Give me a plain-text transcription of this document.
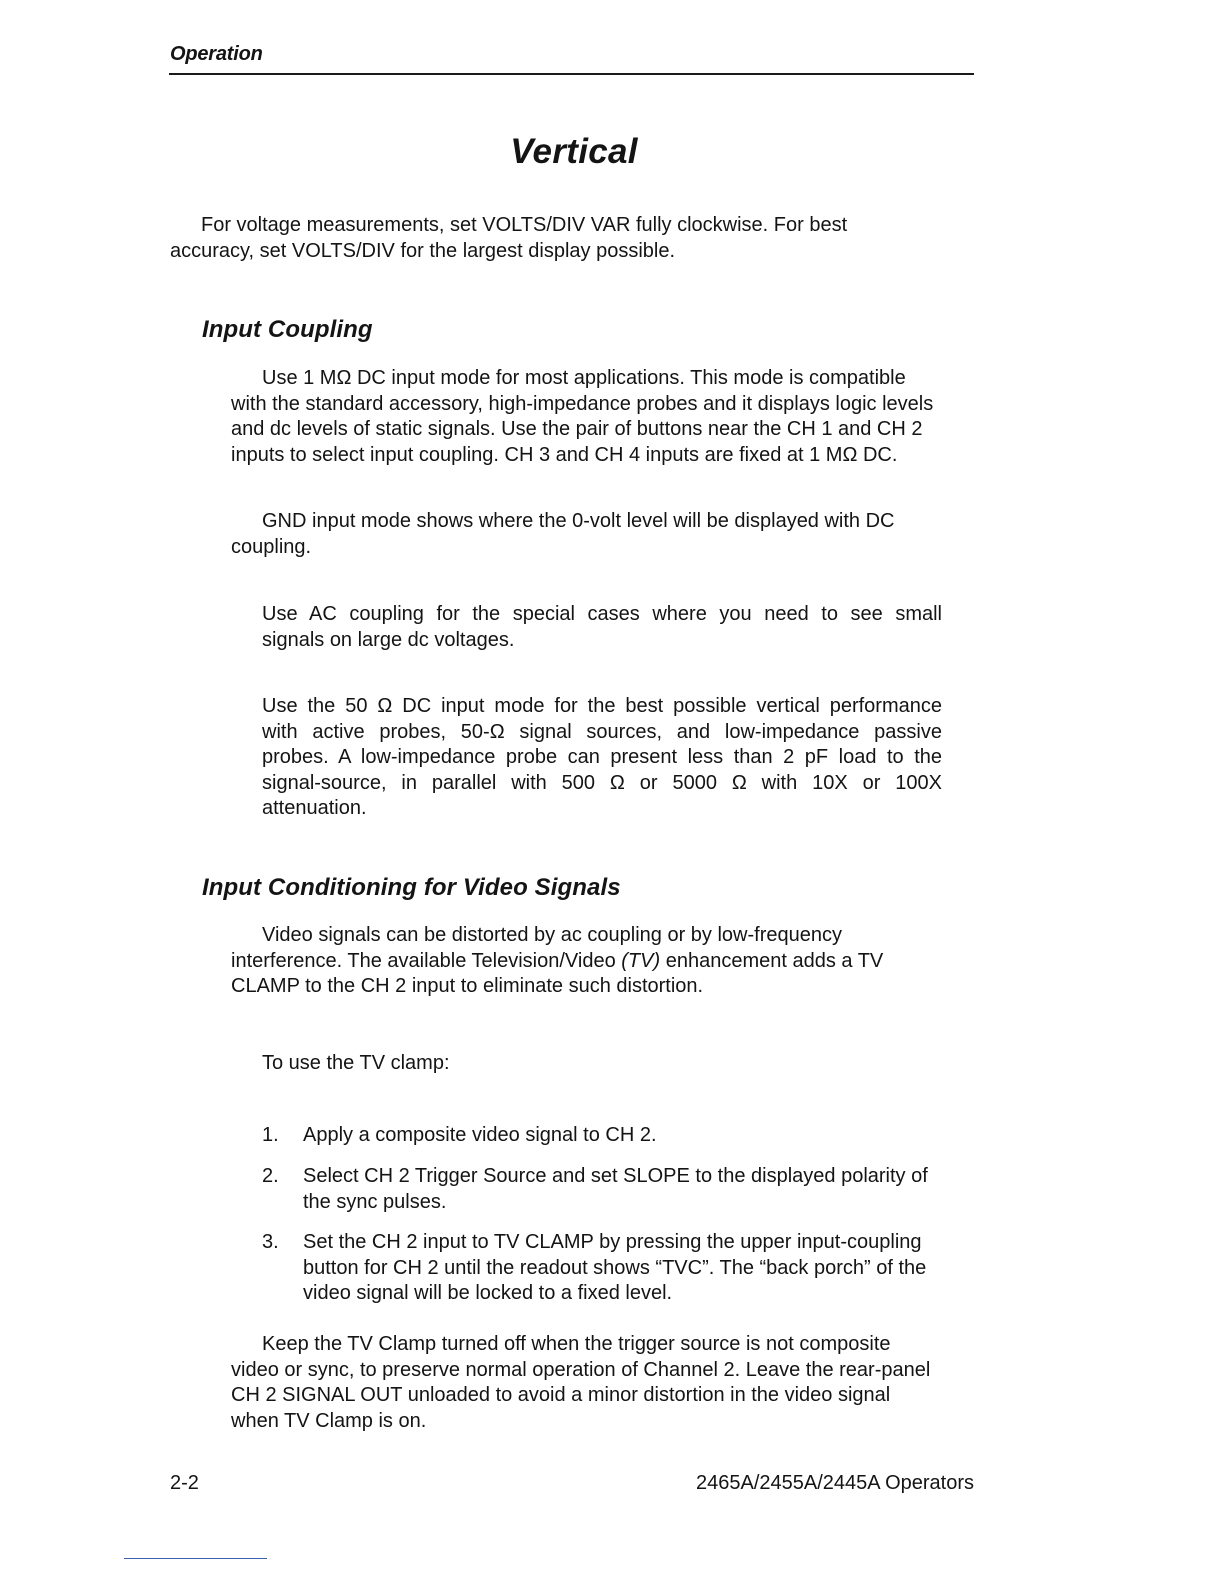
Operation
Vertical
For voltage measurements, set VOLTS/DIV VAR fully clockwise. For best
accuracy, set VOLTS/DIV for the largest display possible.
Input Coupling
Use 1 MΩ DC input mode for most applications. This mode is compatible
with the standard accessory, high-impedance probes and it displays logic levels
and dc levels of static signals. Use the pair of buttons near the CH 1 and CH 2
inputs to select input coupling. CH 3 and CH 4 inputs are fixed at 1 MΩ DC.
GND input mode shows where the 0-volt level will be displayed with DC
coupling.
Use AC coupling for the special cases where you need to see small
signals on large dc voltages.
Use the 50 Ω DC input mode for the best possible vertical performance
with active probes, 50-Ω signal sources, and low-impedance passive
probes. A low-impedance probe can present less than 2 pF load to the
signal-source, in parallel with 500 Ω or 5000 Ω with 10X or 100X
attenuation.
Input Conditioning for Video Signals
Video signals can be distorted by ac coupling or by low-frequency
interference. The available Television/Video (TV) enhancement adds a TV
CLAMP to the CH 2 input to eliminate such distortion.
To use the TV clamp:
1. Apply a composite video signal to CH 2.
2. Select CH 2 Trigger Source and set SLOPE to the displayed polarity of
the sync pulses.
3. Set the CH 2 input to TV CLAMP by pressing the upper input-coupling
button for CH 2 until the readout shows “TVC”. The “back porch” of the
video signal will be locked to a fixed level.
Keep the TV Clamp turned off when the trigger source is not composite
video or sync, to preserve normal operation of Channel 2. Leave the rear-panel
CH 2 SIGNAL OUT unloaded to avoid a minor distortion in the video signal
when TV Clamp is on.
2-2	2465A/2455A/2445A Operators
